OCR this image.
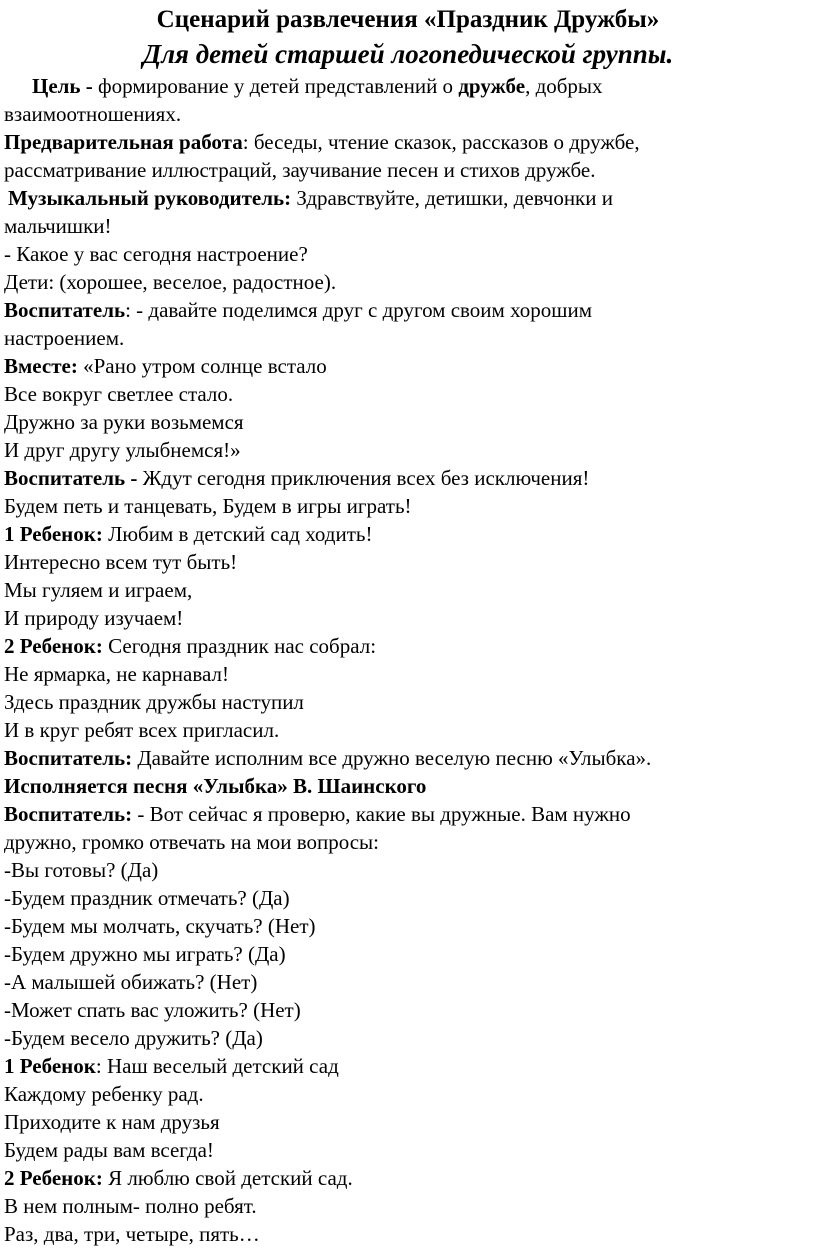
Сценарий развлечения «Праздник Дружбы»
Для детей старшей логопедической группы.
Цель - формирование у детей представлений о дружбе, добрых
взаимоотношениях.
Предварительная работа: беседы, чтение сказок, рассказов о дружбе,
рассматривание иллюстраций, заучивание песен и стихов дружбе.
Музыкальный руководитель: Здравствуйте, детишки, девчонки и
мальчишки!
- Какое у вас сегодня настроение?
Дети: (хорошее, веселое, радостное).
Воспитатель: - давайте поделимся друг с другом своим хорошим
настроением.
Вместе: «Рано утром солнце встало
Все вокруг светлее стало.
Дружно за руки возьмемся
И друг другу улыбнемся!»
Воспитатель - Ждут сегодня приключения всех без исключения!
Будем петь и танцевать, Будем в игры играть!
1 Ребенок: Любим в детский сад ходить!
Интересно всем тут быть!
Мы гуляем и играем,
И природу изучаем!
2 Ребенок: Сегодня праздник нас собрал:
Не ярмарка, не карнавал!
Здесь праздник дружбы наступил
И в круг ребят всех пригласил.
Воспитатель: Давайте исполним все дружно веселую песню «Улыбка».
Исполняется песня «Улыбка» В. Шаинского
Воспитатель: - Вот сейчас я проверю, какие вы дружные. Вам нужно
дружно, громко отвечать на мои вопросы:
-Вы готовы? (Да)
-Будем праздник отмечать? (Да)
-Будем мы молчать, скучать? (Нет)
-Будем дружно мы играть? (Да)
-А малышей обижать? (Нет)
-Может спать вас уложить? (Нет)
-Будем весело дружить? (Да)
1 Ребенок: Наш веселый детский сад
Каждому ребенку рад.
Приходите к нам друзья
Будем рады вам всегда!
2 Ребенок: Я люблю свой детский сад.
В нем полным- полно ребят.
Раз, два, три, четыре, пять…
